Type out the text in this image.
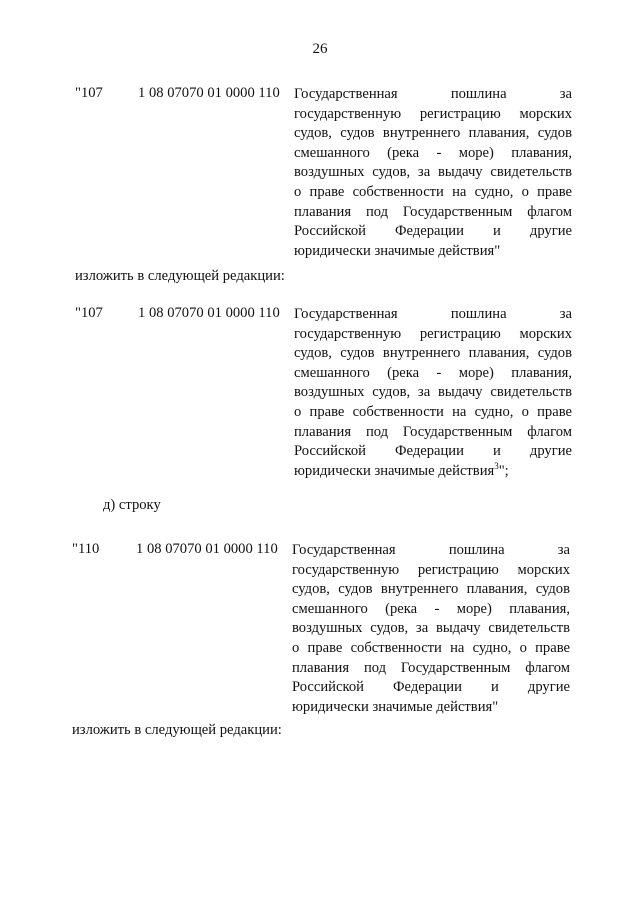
26
"107 1 08 07070 01 0000 110 Государственная пошлина за
государственную регистрацию морских
судов, судов внутреннего плавания, судов
смешанного (река - море) плавания,
воздушных судов, за выдачу свидетельств
о праве собственности на судно, о праве
плавания под Государственным флагом
Российской Федерации и другие
юридически значимые действия"
изложить в следующей редакции:
"107 1 08 07070 01 0000 110 Государственная пошлина за
государственную регистрацию морских
судов, судов внутреннего плавания, судов
смешанного (река - море) плавания,
воздушных судов, за выдачу свидетельств
о праве собственности на судно, о праве
плавания под Государственным флагом
Российской Федерации и другие
юридически значимые действия$^3$";
д) строку
"110	1 08 07070 01 0000 110 Государственная пошлина за
государственную регистрацию морских
судов, судов внутреннего плавания, судов
смешанного (река - море) плавания,
воздушных судов, за выдачу свидетельств
о праве собственности на судно, о праве
плавания под Государственным флагом
Российской Федерации и другие
юридически значимые действия"
изложить в следующей редакции:
